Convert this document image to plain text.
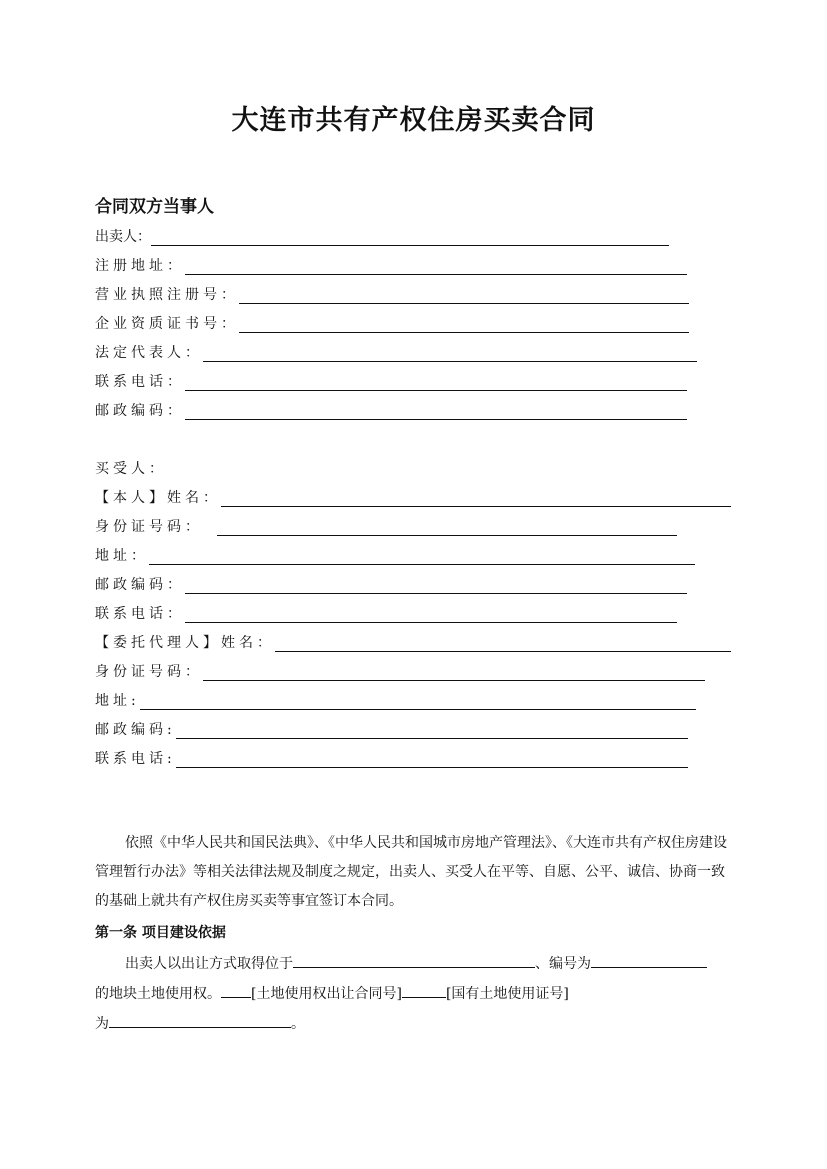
大连市共有产权住房买卖合同
合同双方当事人
出卖人：
注册地址：
营业执照注册号：
企业资质证书号：
法定代表人：
联系电话：
邮政编码：
买受人：
【本人】姓名：
身份证号码：
地址：
邮政编码：
联系电话：
【委托代理人】姓名：
身份证号码：
地址:
邮政编码:
联系电话:
依照《中华人民共和国民法典》、《中华人民共和国城市房地产管理法》、《大连市共有产权住房建设管理暂行办法》等相关法律法规及制度之规定，出卖人、买受人在平等、自愿、公平、诚信、协商一致的基础上就共有产权住房买卖等事宜签订本合同。
第一条 项目建设依据
出卖人以出让方式取得位于	、编号为
的地块土地使用权。 [土地使用权出让合同号]	[国有土地使用证号]
为	。
